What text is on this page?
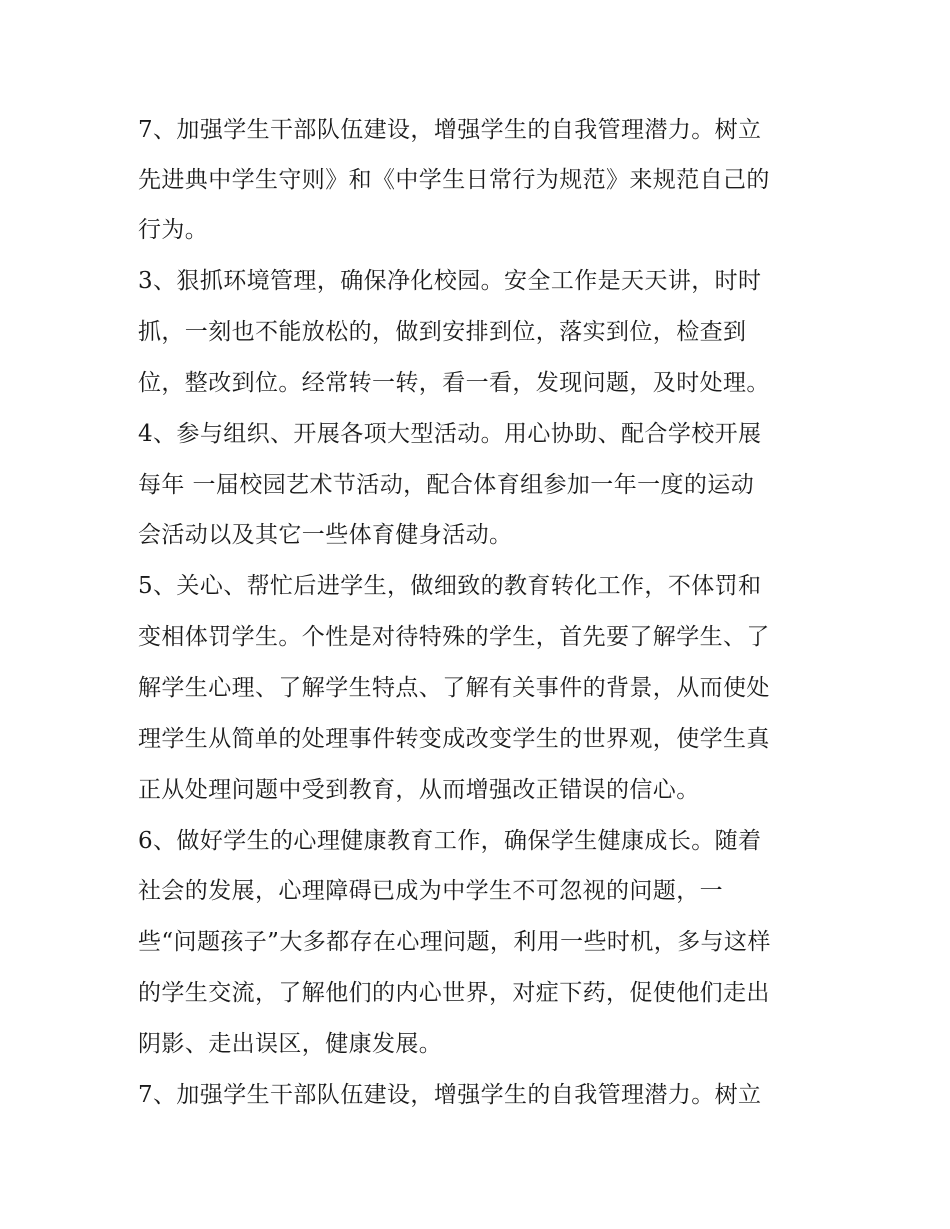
7、加强学生干部队伍建设，增强学生的自我管理潜力。树立
先进典中学生守则》和《中学生日常行为规范》来规范自己的
行为。
3、狠抓环境管理，确保净化校园。安全工作是天天讲，时时
抓，一刻也不能放松的，做到安排到位，落实到位，检查到
位，整改到位。经常转一转，看一看，发现问题，及时处理。
4、参与组织、开展各项大型活动。用心协助、配合学校开展
每年 一届校园艺术节活动，配合体育组参加一年一度的运动
会活动以及其它一些体育健身活动。
5、关心、帮忙后进学生，做细致的教育转化工作，不体罚和
变相体罚学生。个性是对待特殊的学生，首先要了解学生、了
解学生心理、了解学生特点、了解有关事件的背景，从而使处
理学生从简单的处理事件转变成改变学生的世界观，使学生真
正从处理问题中受到教育，从而增强改正错误的信心。
6、做好学生的心理健康教育工作，确保学生健康成长。随着
社会的发展，心理障碍已成为中学生不可忽视的问题，一
些“问题孩子”大多都存在心理问题，利用一些时机，多与这样
的学生交流，了解他们的内心世界，对症下药，促使他们走出
阴影、走出误区，健康发展。
7、加强学生干部队伍建设，增强学生的自我管理潜力。树立
